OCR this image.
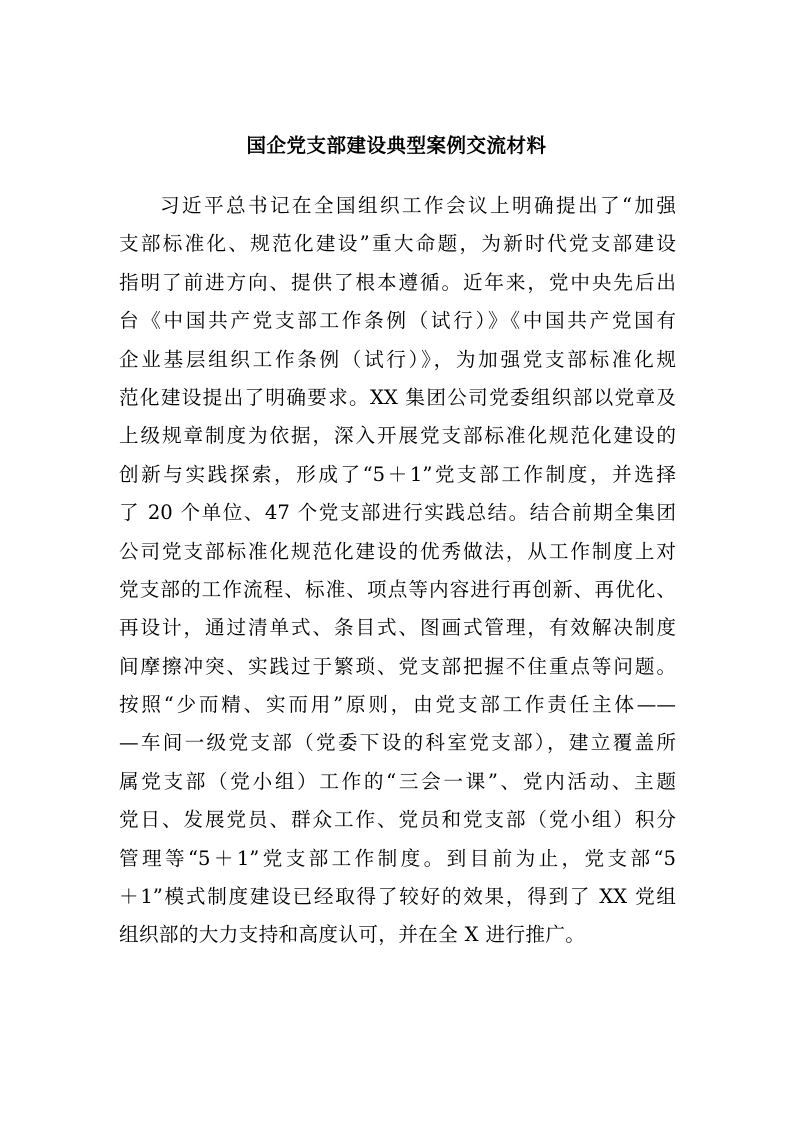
国企党支部建设典型案例交流材料
习近平总书记在全国组织工作会议上明确提出了“加强
支部标准化、规范化建设”重大命题，为新时代党支部建设
指明了前进方向、提供了根本遵循。近年来，党中央先后出
台《中国共产党支部工作条例（试行）》《中国共产党国有
企业基层组织工作条例（试行）》，为加强党支部标准化规
范化建设提出了明确要求。XX 集团公司党委组织部以党章及
上级规章制度为依据，深入开展党支部标准化规范化建设的
创新与实践探索，形成了“5＋1”党支部工作制度，并选择
了 20 个单位、47 个党支部进行实践总结。结合前期全集团
公司党支部标准化规范化建设的优秀做法，从工作制度上对
党支部的工作流程、标准、项点等内容进行再创新、再优化、
再设计，通过清单式、条目式、图画式管理，有效解决制度
间摩擦冲突、实践过于繁琐、党支部把握不住重点等问题。
按照“少而精、实而用”原则，由党支部工作责任主体——
—车间一级党支部（党委下设的科室党支部），建立覆盖所
属党支部（党小组）工作的“三会一课”、党内活动、主题
党日、发展党员、群众工作、党员和党支部（党小组）积分
管理等“5＋1”党支部工作制度。到目前为止，党支部“5
＋1”模式制度建设已经取得了较好的效果，得到了 XX 党组
组织部的大力支持和高度认可，并在全 X 进行推广。
